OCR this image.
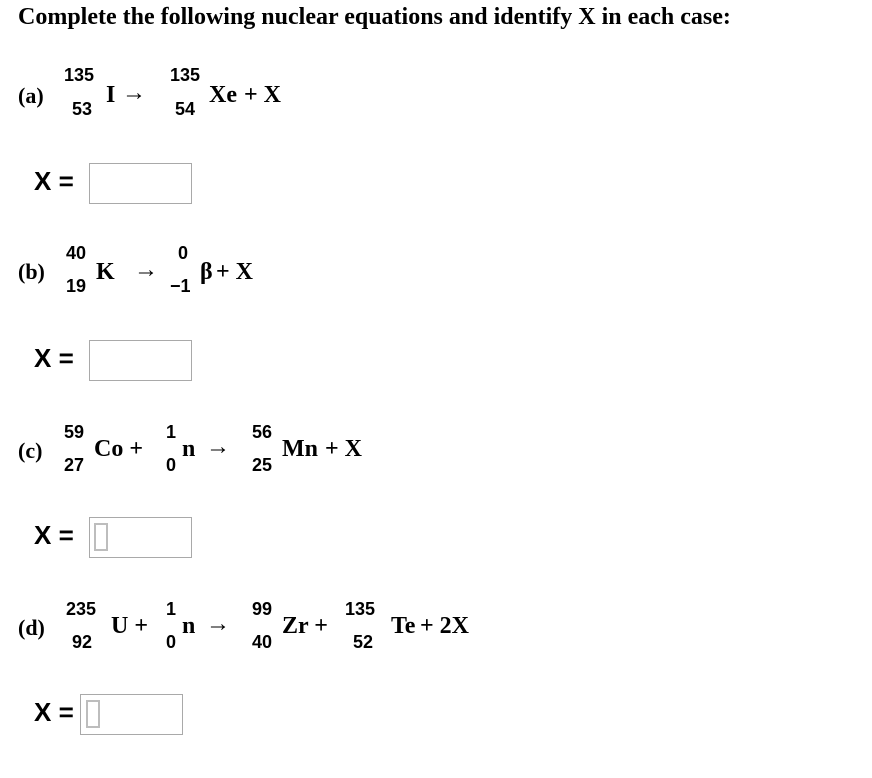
Complete the following nuclear equations and identify X in each case:
(a)
135
53
I →
135
54
Xe + X
X =
(b)
40
19
K →
0
−1
β + X
X =
(c)
59
27
Co +
1
0
n →
56
25
Mn + X
X =
(d)
235
92
U +
1
0
n →
99
40
Zr +
135
52
Te + 2X
X =
